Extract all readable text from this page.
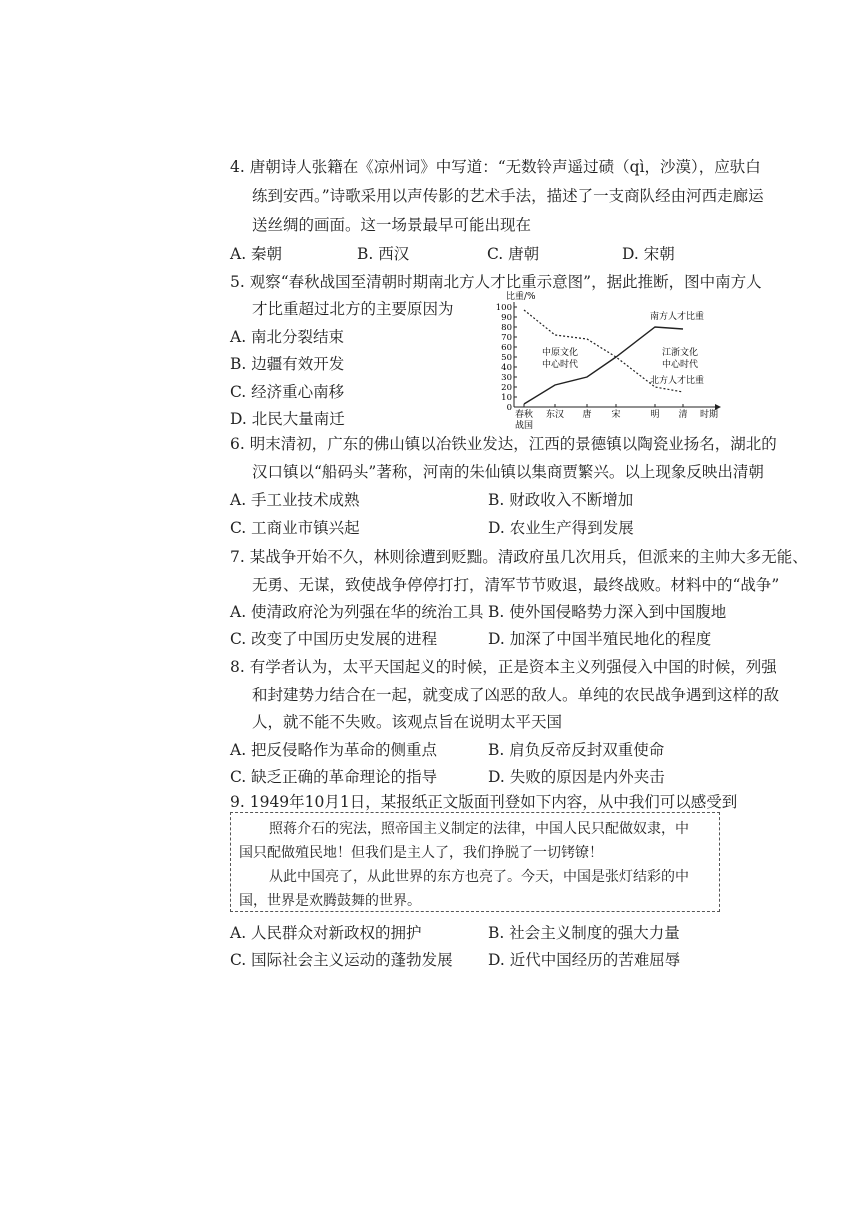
4. 唐朝诗人张籍在《凉州词》中写道：“无数铃声遥过碛（qì，沙漠），应驮白
练到安西。”诗歌采用以声传影的艺术手法，描述了一支商队经由河西走廊运
送丝绸的画面。这一场景最早可能出现在
A. 秦朝	B. 西汉	C. 唐朝	D. 宋朝
5. 观察“春秋战国至清朝时期南北方人才比重示意图”，据此推断，图中南方人
才比重超过北方的主要原因为
A. 南北分裂结束
B. 边疆有效开发
C. 经济重心南移
D. 北民大量南迁
比重/%
时期
南方人才比重
北方人才比重
中原文化
中心时代
江浙文化
中心时代
0
10
20
30
40
50
60
70
80
90
100
春秋 东汉 唐 宋	明 清
战国
6. 明末清初，广东的佛山镇以冶铁业发达，江西的景德镇以陶瓷业扬名，湖北的
汉口镇以“船码头”著称，河南的朱仙镇以集商贾繁兴。以上现象反映出清朝
A. 手工业技术成熟	B. 财政收入不断增加
C. 工商业市镇兴起	D. 农业生产得到发展
7. 某战争开始不久，林则徐遭到贬黜。清政府虽几次用兵，但派来的主帅大多无能、
无勇、无谋，致使战争停停打打，清军节节败退，最终战败。材料中的“战争”
A. 使清政府沦为列强在华的统治工具 B. 使外国侵略势力深入到中国腹地
C. 改变了中国历史发展的进程	D. 加深了中国半殖民地化的程度
8. 有学者认为，太平天国起义的时候，正是资本主义列强侵入中国的时候，列强
和封建势力结合在一起，就变成了凶恶的敌人。单纯的农民战争遇到这样的敌
人，就不能不失败。该观点旨在说明太平天国
A. 把反侵略作为革命的侧重点	B. 肩负反帝反封双重使命
C. 缺乏正确的革命理论的指导	D. 失败的原因是内外夹击
9. 1949年10月1日，某报纸正文版面刊登如下内容，从中我们可以感受到

照蒋介石的宪法，照帝国主义制定的法律，中国人民只配做奴隶，中

国只配做殖民地！但我们是主人了，我们挣脱了一切铐镣！

从此中国亮了，从此世界的东方也亮了。今天，中国是张灯结彩的中

国，世界是欢腾鼓舞的世界。

A. 人民群众对新政权的拥护	B. 社会主义制度的强大力量
C. 国际社会主义运动的蓬勃发展 D. 近代中国经历的苦难屈辱
